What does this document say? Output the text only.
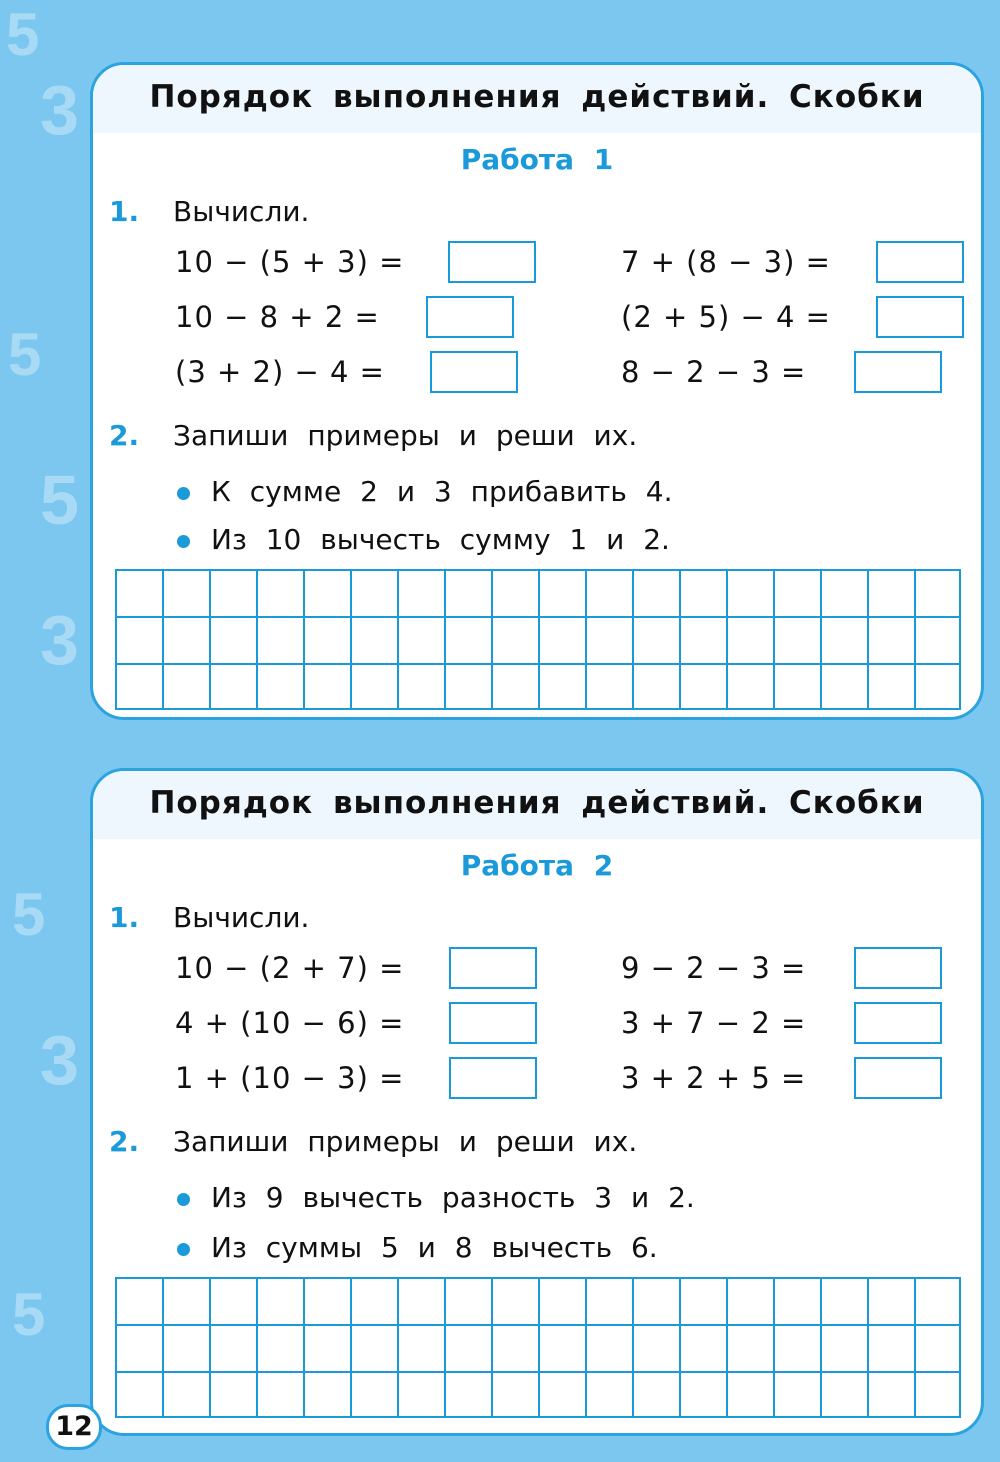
5
3
5
5
3
5
3
5
Порядок выполнения действий. Скобки
Работа 1
1. Вычисли.
10 − (5 + 3) =	7 + (8 − 3) =
10 − 8 + 2 =	(2 + 5) − 4 =
(3 + 2) − 4 =	8 − 2 − 3 =
2. Запиши примеры и реши их.
К сумме 2 и 3 прибавить 4.
Из 10 вычесть сумму 1 и 2.
Порядок выполнения действий. Скобки
Работа 2
1. Вычисли.
10 − (2 + 7) =	9 − 2 − 3 =
4 + (10 − 6) =	3 + 7 − 2 =
1 + (10 − 3) =	3 + 2 + 5 =
2. Запиши примеры и реши их.
Из 9 вычесть разность 3 и 2.
Из суммы 5 и 8 вычесть 6.
12
